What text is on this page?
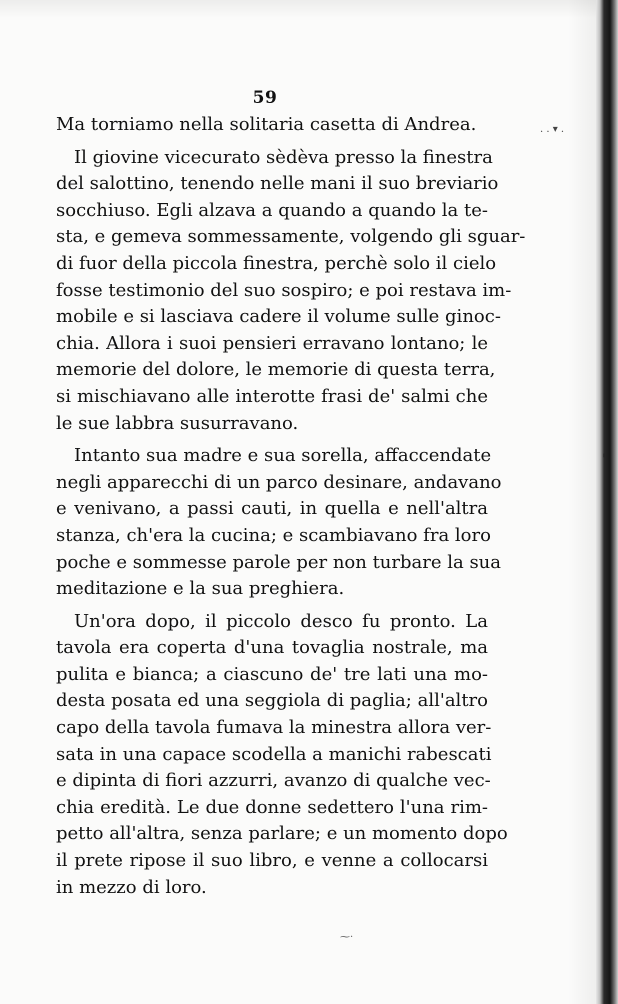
. . ▾ .
'
⁓·
59
Ma torniamo nella solitaria casetta di Andrea.
Il giovine vicecurato sèdèva presso la finestra
del salottino, tenendo nelle mani il suo breviario
socchiuso. Egli alzava a quando a quando la te-
sta, e gemeva sommessamente, volgendo gli sguar-
di fuor della piccola finestra, perchè solo il cielo
fosse testimonio del suo sospiro; e poi restava im-
mobile e si lasciava cadere il volume sulle ginoc-
chia. Allora i suoi pensieri erravano lontano; le
memorie del dolore, le memorie di questa terra,
si mischiavano alle interotte frasi de' salmi che
le sue labbra susurravano.
Intanto sua madre e sua sorella, affaccendate
negli apparecchi di un parco desinare, andavano
e venivano, a passi cauti, in quella e nell'altra
stanza, ch'era la cucina; e scambiavano fra loro
poche e sommesse parole per non turbare la sua
meditazione e la sua preghiera.
Un'ora dopo, il piccolo desco fu pronto. La
tavola era coperta d'una tovaglia nostrale, ma
pulita e bianca; a ciascuno de' tre lati una mo-
desta posata ed una seggiola di paglia; all'altro
capo della tavola fumava la minestra allora ver-
sata in una capace scodella a manichi rabescati
e dipinta di fiori azzurri, avanzo di qualche vec-
chia eredità. Le due donne sedettero l'una rim-
petto all'altra, senza parlare; e un momento dopo
il prete ripose il suo libro, e venne a collocarsi
in mezzo di loro.
